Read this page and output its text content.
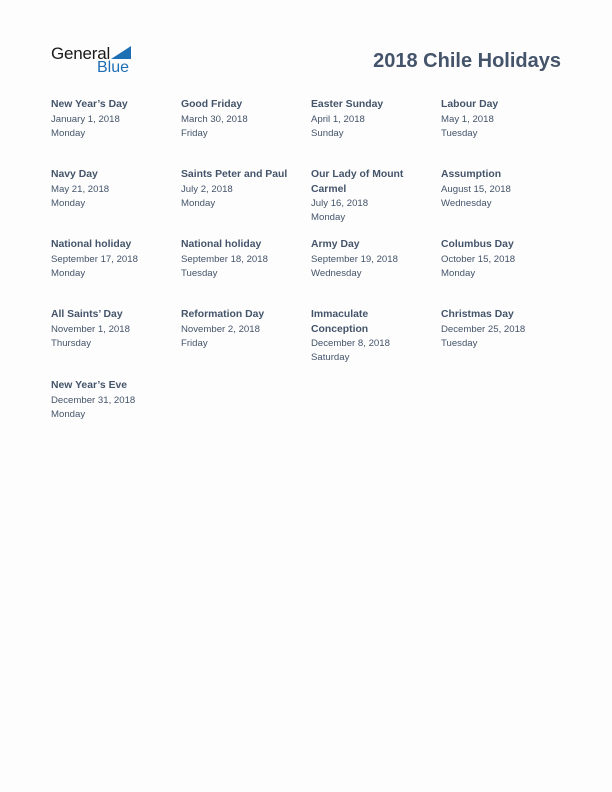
General
Blue	2018 Chile Holidays
New Year’s Day
January 1, 2018
Monday
Good Friday
March 30, 2018
Friday
Easter Sunday
April 1, 2018
Sunday
Labour Day
May 1, 2018
Tuesday
Navy Day
May 21, 2018
Monday
Saints Peter and Paul
July 2, 2018
Monday
Our Lady of Mount Carmel
July 16, 2018
Monday
Assumption
August 15, 2018
Wednesday
National holiday
September 17, 2018
Monday
National holiday
September 18, 2018
Tuesday
Army Day
September 19, 2018
Wednesday
Columbus Day
October 15, 2018
Monday
All Saints’ Day
November 1, 2018
Thursday
Reformation Day
November 2, 2018
Friday
Immaculate Conception
December 8, 2018
Saturday
Christmas Day
December 25, 2018
Tuesday
New Year’s Eve
December 31, 2018
Monday
